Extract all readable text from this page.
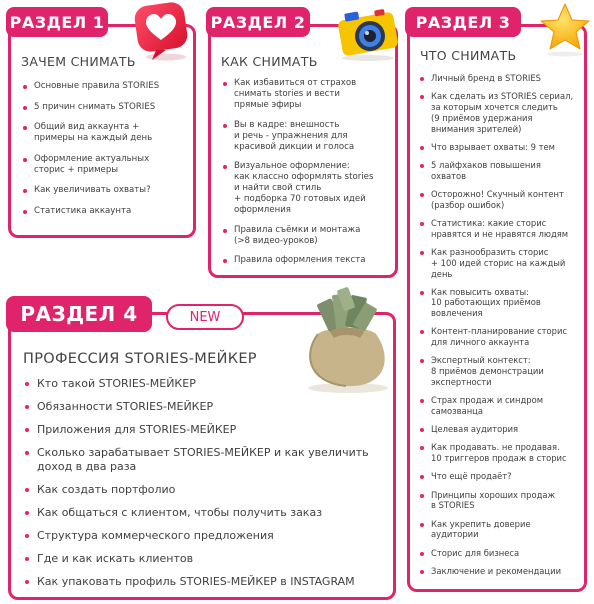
ЗАЧЕМ СНИМАТЬ
Основные правила STORIES
5 причин снимать STORIES
Общий вид аккаунта +
примеры на каждый день
Оформление актуальных
сторис + примеры
Как увеличивать охваты?
Статистика аккаунта
РАЗДЕЛ 1
КАК СНИМАТЬ
Как избавиться от страхов
снимать stories и вести
прямые эфиры
Вы в кадре: внешность
и речь - упражнения для
красивой дикции и голоса
Визуальное оформление:
как классно оформлять stories
и найти свой стиль
+ подборка 70 готовых идей
оформления
Правила съёмки и монтажа
(>8 видео-уроков)
Правила оформления текста
РАЗДЕЛ 2
ЧТО СНИМАТЬ
Личный бренд в STORIES
Как сделать из STORIES сериал,
за которым хочется следить
(9 приёмов удержания
внимания зрителей)
Что взрывает охваты: 9 тем
5 лайфхаков повышения
охватов
Осторожно! Скучный контент
(разбор ошибок)
Статистика: какие сторис
нравятся и не нравятся людям
Как разнообразить сторис
+ 100 идей сторис на каждый
день
Как повысить охваты:
10 работающих приёмов
вовлечения
Контент-планирование сторис
для личного аккаунта
Экспертный контекст:
8 приёмов демонстрации
экспертности
Страх продаж и синдром
самозванца
Целевая аудитория
Как продавать. не продавая.
10 триггеров продаж в сторис
Что ещё продаёт?
Принципы хороших продаж
в STORIES
Как укрепить доверие
аудитории
Сторис для бизнеса
Заключение и рекомендации
РАЗДЕЛ 3
ПРОФЕССИЯ STORIES-МЕЙКЕР
Кто такой STORIES-МЕЙКЕР
Обязанности STORIES-МЕЙКЕР
Приложения для STORIES-МЕЙКЕР
Сколько зарабатывает STORIES-МЕЙКЕР и как увеличить
доход в два раза
Как создать портфолио
Как общаться с клиентом, чтобы получить заказ
Структура коммерческого предложения
Где и как искать клиентов
Как упаковать профиль STORIES-МЕЙКЕР в INSTAGRAM
РАЗДЕЛ 4	NEW
